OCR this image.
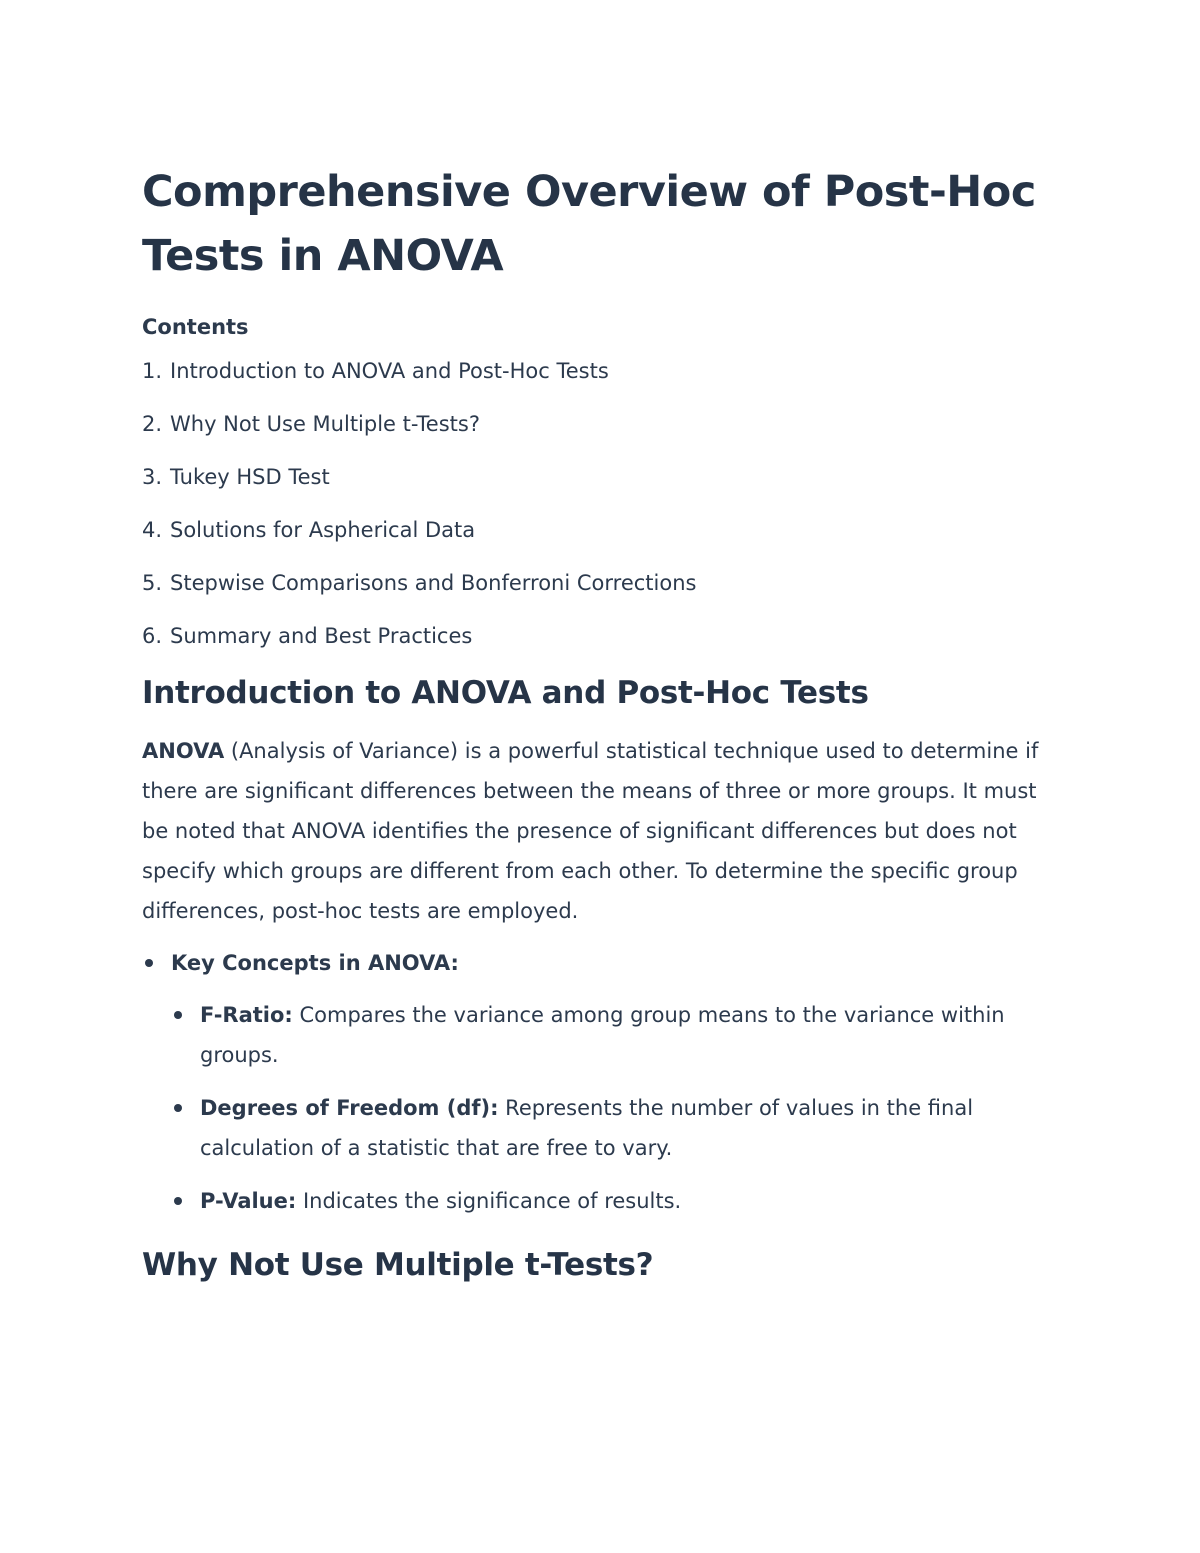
Comprehensive Overview of Post-Hoc Tests in ANOVA
Contents
1. Introduction to ANOVA and Post-Hoc Tests
2. Why Not Use Multiple t-Tests?
3. Tukey HSD Test
4. Solutions for Aspherical Data
5. Stepwise Comparisons and Bonferroni Corrections
6. Summary and Best Practices
Introduction to ANOVA and Post-Hoc Tests

ANOVA (Analysis of Variance) is a powerful statistical technique used to determine if there are significant differences between the means of three or more groups. It must be noted that ANOVA identifies the presence of significant differences but does not specify which groups are different from each other. To determine the specific group differences, post-hoc tests are employed.

Key Concepts in ANOVA:
F-Ratio: Compares the variance among group means to the variance within groups.
Degrees of Freedom (df): Represents the number of values in the final calculation of a statistic that are free to vary.
P-Value: Indicates the significance of results.
Why Not Use Multiple t-Tests?
